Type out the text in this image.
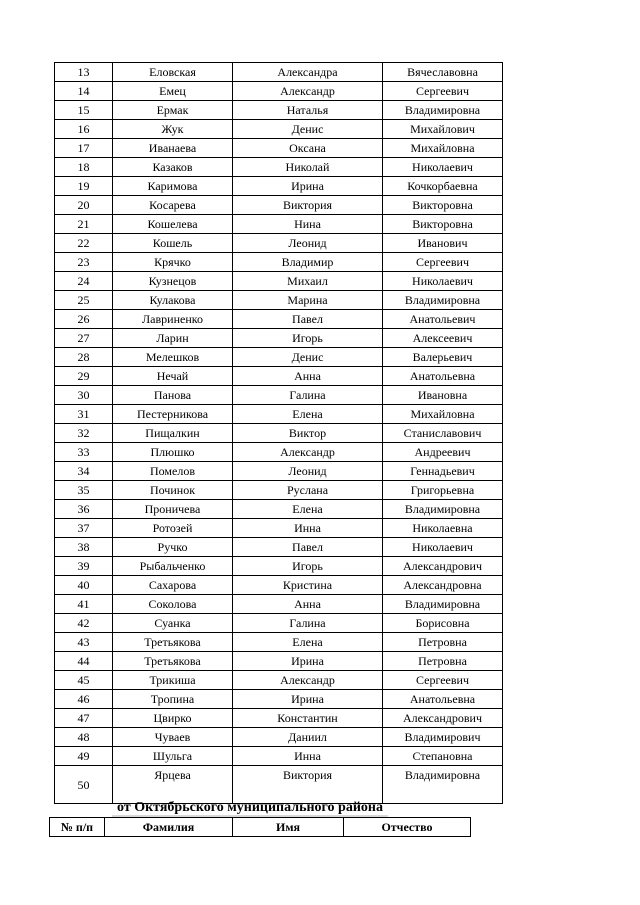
13	Еловская	Александра	Вячеславовна
14	Емец	Александр	Сергеевич
15	Ермак	Наталья	Владимировна
16	Жук	Денис	Михайлович
17	Иванаева	Оксана	Михайловна
18	Казаков	Николай	Николаевич
19	Каримова	Ирина	Кочкорбаевна
20	Косарева	Виктория	Викторовна
21	Кошелева	Нина	Викторовна
22	Кошель	Леонид	Иванович
23	Крячко	Владимир	Сергеевич
24	Кузнецов	Михаил	Николаевич
25	Кулакова	Марина	Владимировна
26	Лавриненко	Павел	Анатольевич
27	Ларин	Игорь	Алексеевич
28	Мелешков	Денис	Валерьевич
29	Нечай	Анна	Анатольевна
30	Панова	Галина	Ивановна
31	Пестерникова	Елена	Михайловна
32	Пищалкин	Виктор	Станиславович
33	Плюшко	Александр	Андреевич
34	Помелов	Леонид	Геннадьевич
35	Починок	Руслана	Григорьевна
36	Проничева	Елена	Владимировна
37	Ротозей	Инна	Николаевна
38	Ручко	Павел	Николаевич
39	Рыбальченко	Игорь	Александрович
40	Сахарова	Кристина	Александровна
41	Соколова	Анна	Владимировна
42	Суанка	Галина	Борисовна
43	Третьякова	Елена	Петровна
44	Третьякова	Ирина	Петровна
45	Трикиша	Александр	Сергеевич
46	Тропина	Ирина	Анатольевна
47	Цвирко	Константин	Александрович
48	Чуваев	Даниил	Владимирович
49	Шульга	Инна	Степановна
50	Ярцева	Виктория	Владимировна
от Октябрьского муниципального района
№ п/п	Фамилия	Имя	Отчество
